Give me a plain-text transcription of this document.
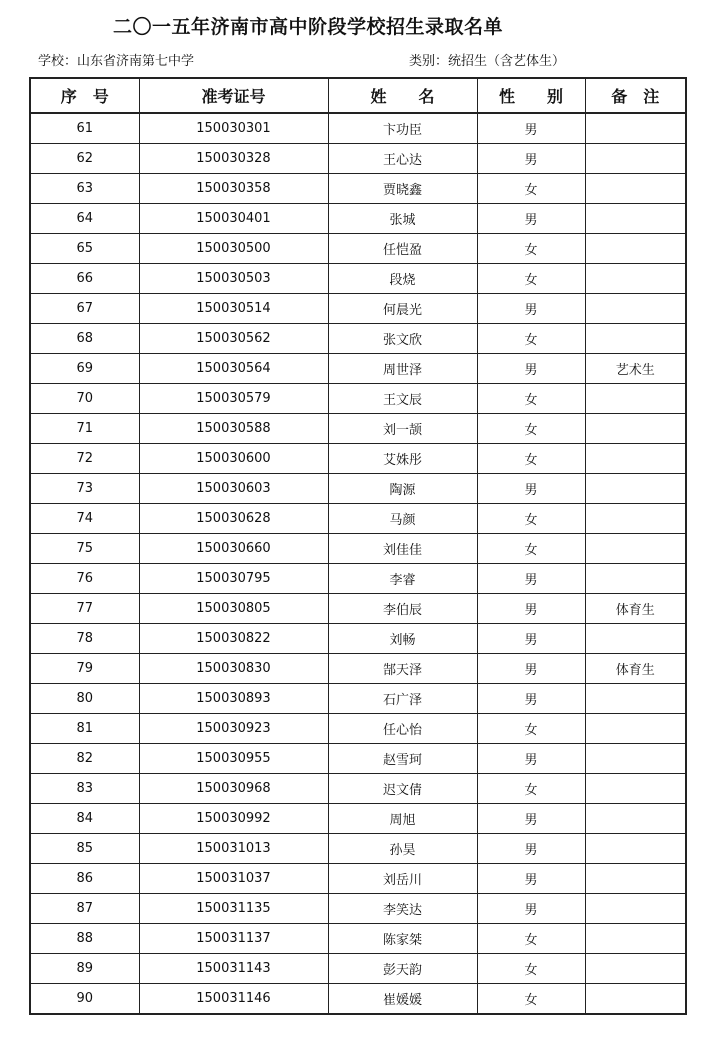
二〇一五年济南市高中阶段学校招生录取名单
学校：山东省济南第七中学	类别：统招生（含艺体生）
序　号	准考证号	姓　　名	性　　别	备　注
61	150030301	卞功臣	男	
62	150030328	王心达	男	
63	150030358	贾晓鑫	女	
64	150030401	张城	男	
65	150030500	任恺盈	女	
66	150030503	段烧	女	
67	150030514	何晨光	男	
68	150030562	张文欣	女	
69	150030564	周世泽	男	艺术生
70	150030579	王文辰	女	
71	150030588	刘一颉	女	
72	150030600	艾姝彤	女	
73	150030603	陶源	男	
74	150030628	马颜	女	
75	150030660	刘佳佳	女	
76	150030795	李睿	男	
77	150030805	李伯辰	男	体育生
78	150030822	刘畅	男	
79	150030830	郜天泽	男	体育生
80	150030893	石广泽	男	
81	150030923	任心怡	女	
82	150030955	赵雪珂	男	
83	150030968	迟文倩	女	
84	150030992	周旭	男	
85	150031013	孙昊	男	
86	150031037	刘岳川	男	
87	150031135	李笑达	男	
88	150031137	陈家桀	女	
89	150031143	彭天韵	女	
90	150031146	崔媛媛	女	
